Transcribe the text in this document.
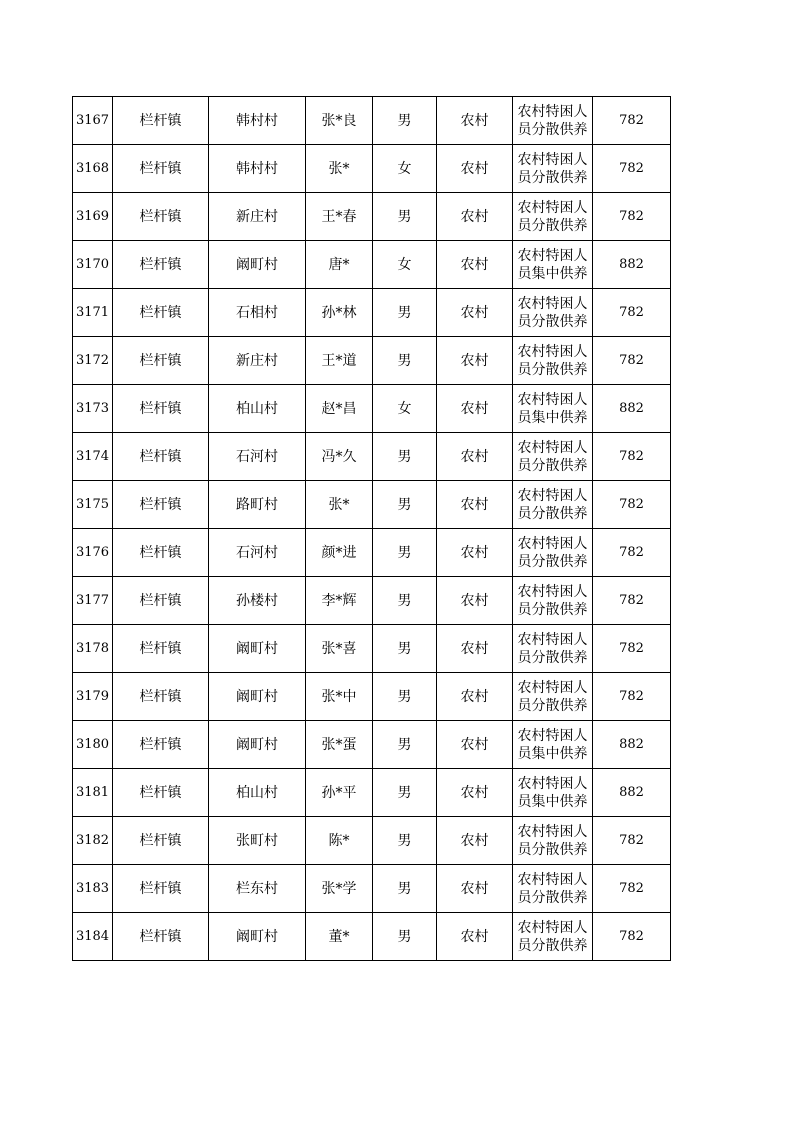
3167	栏杆镇	韩村村	张*良	男	农村	农村特困人员分散供养	782
3168	栏杆镇	韩村村	张*	女	农村	农村特困人员分散供养	782
3169	栏杆镇	新庄村	王*春	男	农村	农村特困人员分散供养	782
3170	栏杆镇	阚町村	唐*	女	农村	农村特困人员集中供养	882
3171	栏杆镇	石相村	孙*林	男	农村	农村特困人员分散供养	782
3172	栏杆镇	新庄村	王*道	男	农村	农村特困人员分散供养	782
3173	栏杆镇	柏山村	赵*昌	女	农村	农村特困人员集中供养	882
3174	栏杆镇	石河村	冯*久	男	农村	农村特困人员分散供养	782
3175	栏杆镇	路町村	张*	男	农村	农村特困人员分散供养	782
3176	栏杆镇	石河村	颜*进	男	农村	农村特困人员分散供养	782
3177	栏杆镇	孙楼村	李*辉	男	农村	农村特困人员分散供养	782
3178	栏杆镇	阚町村	张*喜	男	农村	农村特困人员分散供养	782
3179	栏杆镇	阚町村	张*中	男	农村	农村特困人员分散供养	782
3180	栏杆镇	阚町村	张*蛋	男	农村	农村特困人员集中供养	882
3181	栏杆镇	柏山村	孙*平	男	农村	农村特困人员集中供养	882
3182	栏杆镇	张町村	陈*	男	农村	农村特困人员分散供养	782
3183	栏杆镇	栏东村	张*学	男	农村	农村特困人员分散供养	782
3184	栏杆镇	阚町村	董*	男	农村	农村特困人员分散供养	782
